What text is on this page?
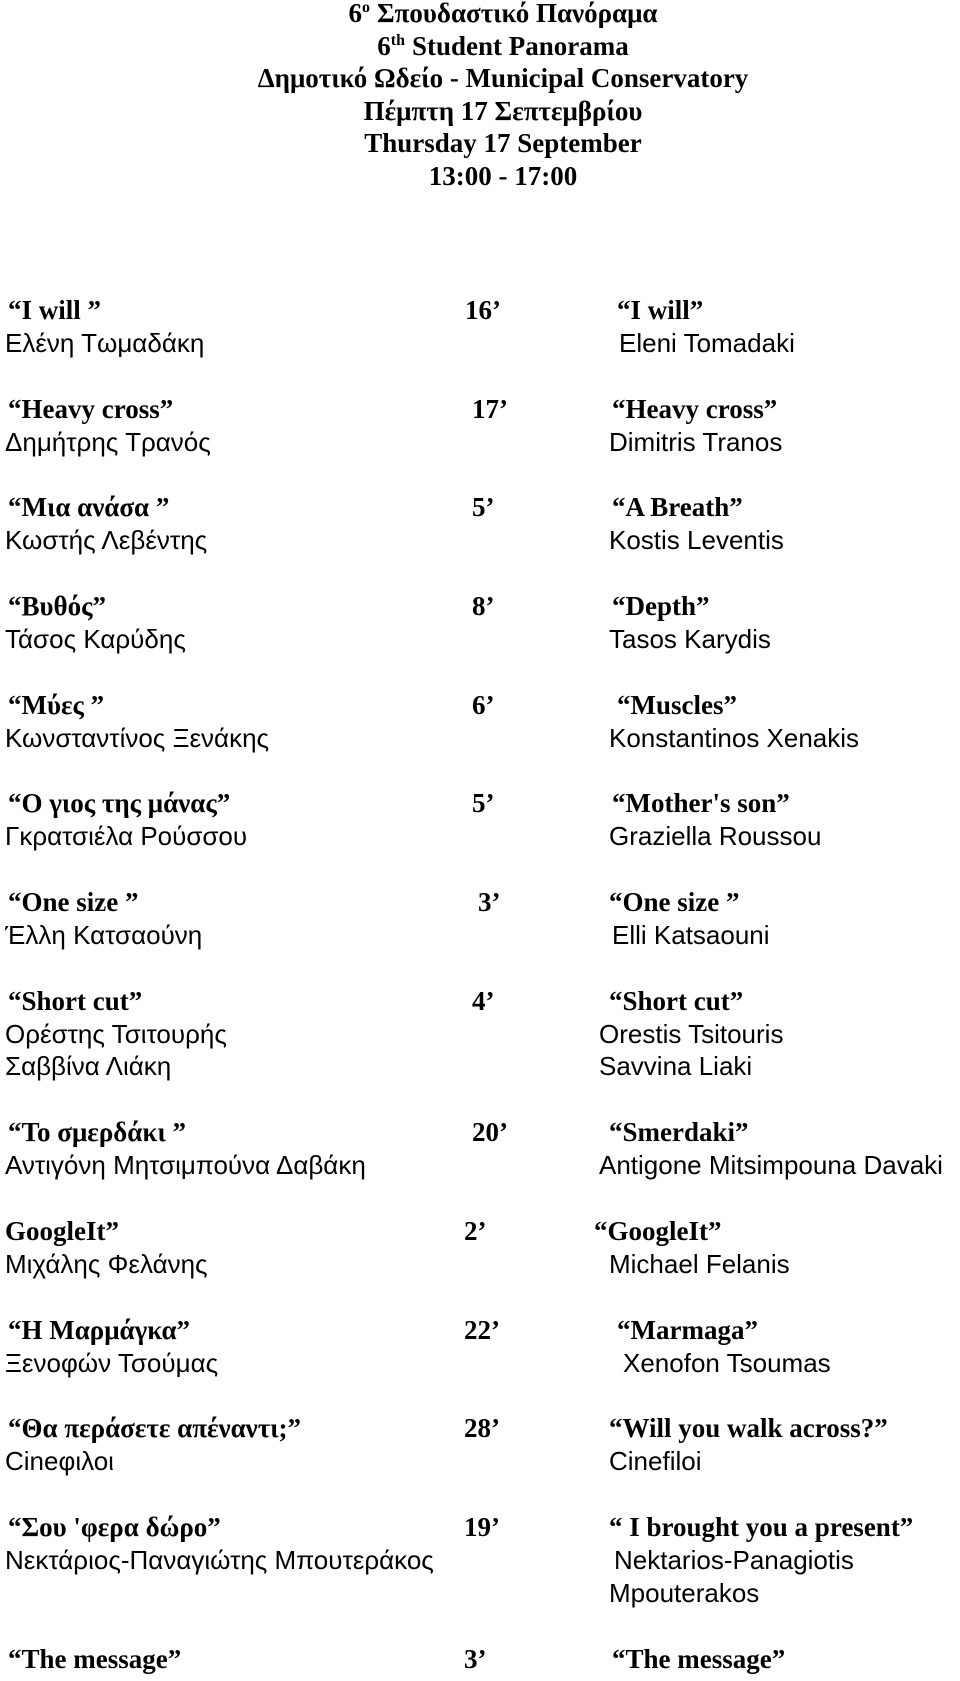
$6^o$ Σπουδαστικό Πανόραμα
6th Student Panorama
Δημοτικό Ωδείο - Municipal Conservatory
Πέμπτη 17 Σεπτεμβρίου
Thursday 17 September
13:00 - 17:00
“I will ”	16’	“I will”
Ελένη Τωμαδάκη	Eleni Tomadaki
“Heavy cross”	17’	“Heavy cross”
Δημήτρης Τρανός	Dimitris Tranos
“Μια ανάσα ”	5’	“A Breath”
Κωστής Λεβέντης	Kostis Leventis
“Βυθός”	8’	“Depth”
Τάσος Καρύδης	Tasos Karydis
“Μύες ”	6’	“Muscles”
Κωνσταντίνος Ξενάκης	Konstantinos Xenakis
“Ο γιος της μάνας”	5’	“Mother's son”
Γκρατσιέλα Ρούσσου	Graziella Roussou
“One size ”	3’	“One size ”
Έλλη Κατσαούνη	Elli Katsaouni
“Short cut”	4’	“Short cut”
Ορέστης Τσιτουρής	Orestis Tsitouris
Σαββίνα Λιάκη	Savvina Liaki
“Το σμερδάκι ”	20’	“Smerdaki”
Αντιγόνη Μητσιμπούνα Δαβάκη	Antigone Mitsimpouna Davaki
GoogleIt”	2’	“GoogleIt”
Μιχάλης Φελάνης	Michael Felanis
“Η Μαρμάγκα”	22’	“Marmaga”
Ξενοφών Τσούμας	Xenofon Tsoumas
“Θα περάσετε απέναντι;”	28’	“Will you walk across?”
Cineφιλοι	Cinefiloi
“Σου 'φερα δώρο”	19’	“ I brought you a present”
Νεκτάριος-Παναγιώτης Μπουτεράκος	Nektarios-Panagiotis
Mpouterakos
“The message”	3’	“The message”
